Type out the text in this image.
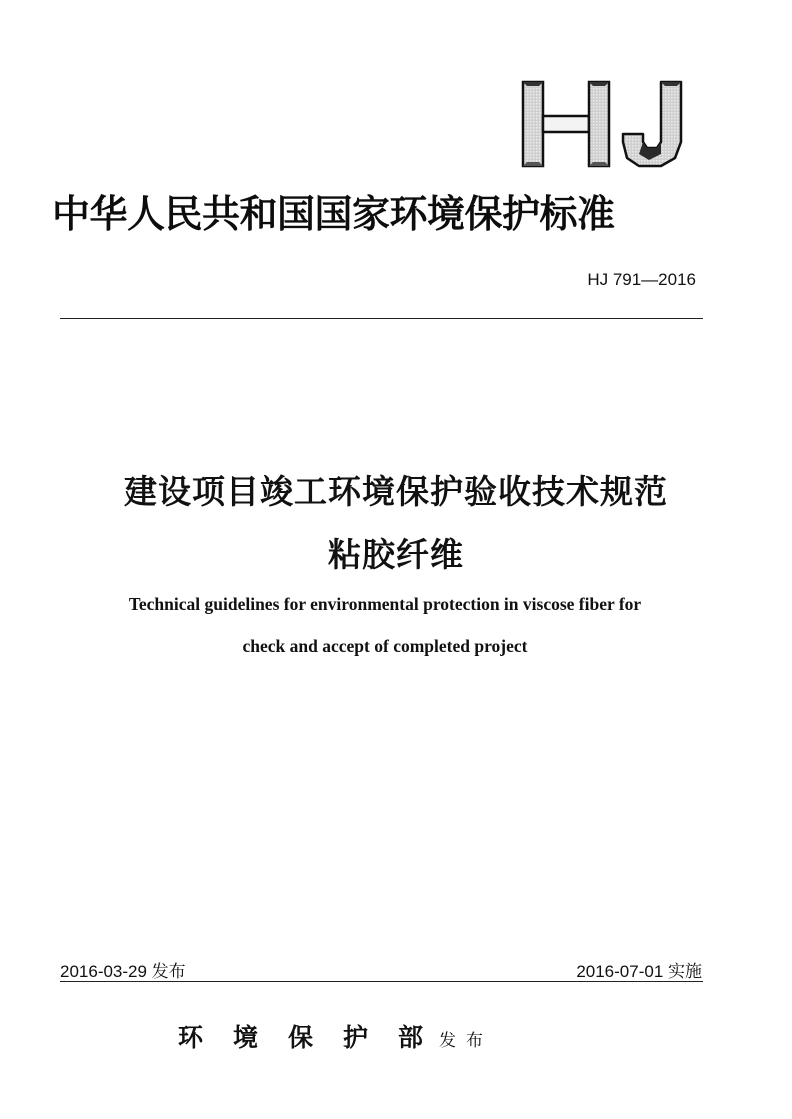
中华人民共和国国家环境保护标准
HJ 791—2016
建设项目竣工环境保护验收技术规范
粘胶纤维
Technical guidelines for environmental protection in viscose fiber for
check and accept of completed project
2016-03-29 发布	2016-07-01 实施
环境保护部发布
